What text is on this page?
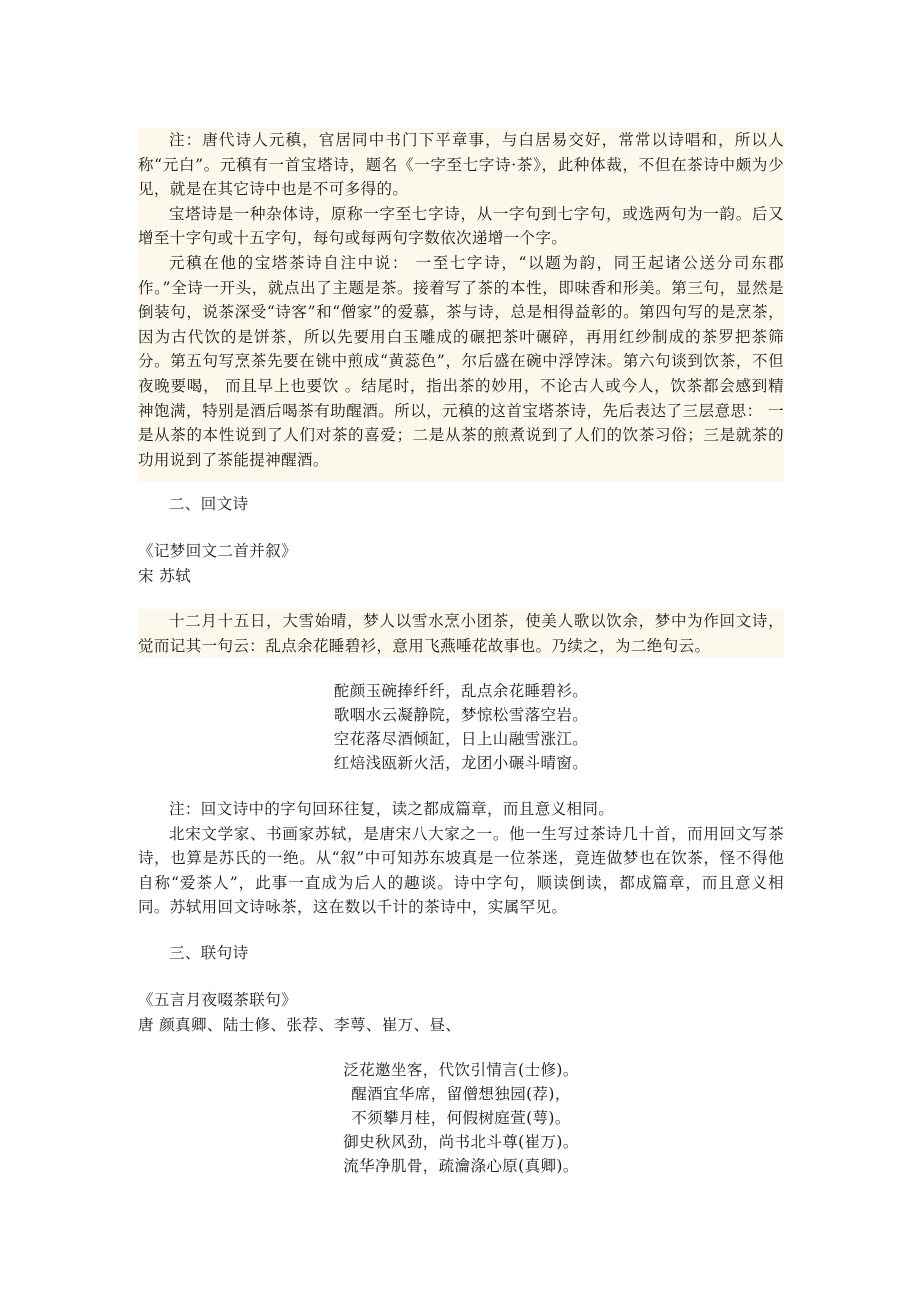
注：唐代诗人元稹，官居同中书门下平章事，与白居易交好，常常以诗唱和，所以人称“元白”。元稹有一首宝塔诗，题名《一字至七字诗·茶》，此种体裁，不但在茶诗中颇为少见，就是在其它诗中也是不可多得的。

宝塔诗是一种杂体诗，原称一字至七字诗，从一字句到七字句，或选两句为一韵。后又增至十字句或十五字句，每句或每两句字数依次递增一个字。

元稹在他的宝塔茶诗自注中说： 一至七字诗，“以题为韵，同王起诸公送分司东郡作。”全诗一开头，就点出了主题是茶。接着写了茶的本性，即味香和形美。第三句，显然是倒装句，说茶深受“诗客”和“僧家”的爱慕，茶与诗，总是相得益彰的。第四句写的是烹茶，因为古代饮的是饼茶，所以先要用白玉雕成的碾把茶叶碾碎，再用红纱制成的茶罗把茶筛分。第五句写烹茶先要在铫中煎成“黄蕊色”，尔后盛在碗中浮饽沫。第六句谈到饮茶，不但夜晚要喝， 而且早上也要饮 。结尾时，指出茶的妙用，不论古人或今人，饮茶都会感到精神饱满，特别是酒后喝茶有助醒酒。所以，元稹的这首宝塔茶诗，先后表达了三层意思： 一是从茶的本性说到了人们对茶的喜爱；二是从茶的煎煮说到了人们的饮茶习俗；三是就茶的功用说到了茶能提神醒酒。

二、回文诗

《记梦回文二首并叙》

宋 苏轼

十二月十五日，大雪始晴，梦人以雪水烹小团茶，使美人歌以饮余，梦中为作回文诗，觉而记其一句云：乱点余花睡碧衫，意用飞燕唾花故事也。乃续之，为二绝句云。

酡颜玉碗捧纤纤，乱点余花睡碧衫。

歌咽水云凝静院，梦惊松雪落空岩。

空花落尽酒倾缸，日上山融雪涨江。

红焙浅瓯新火活，龙团小碾斗晴窗。

注：回文诗中的字句回环往复，读之都成篇章，而且意义相同。

北宋文学家、书画家苏轼，是唐宋八大家之一。他一生写过茶诗几十首，而用回文写茶诗，也算是苏氏的一绝。从“叙”中可知苏东坡真是一位茶迷，竟连做梦也在饮茶，怪不得他自称“爱茶人”，此事一直成为后人的趣谈。诗中字句，顺读倒读，都成篇章，而且意义相同。苏轼用回文诗咏茶，这在数以千计的茶诗中，实属罕见。

三、联句诗

《五言月夜啜茶联句》

唐 颜真卿、陆士修、张荐、李萼、崔万、昼、

泛花邀坐客，代饮引情言(士修)。

醒酒宜华席，留僧想独园(荐)，

不须攀月桂，何假树庭萱(萼)。

御史秋风劲，尚书北斗尊(崔万)。

流华净肌骨，疏瀹涤心原(真卿)。
